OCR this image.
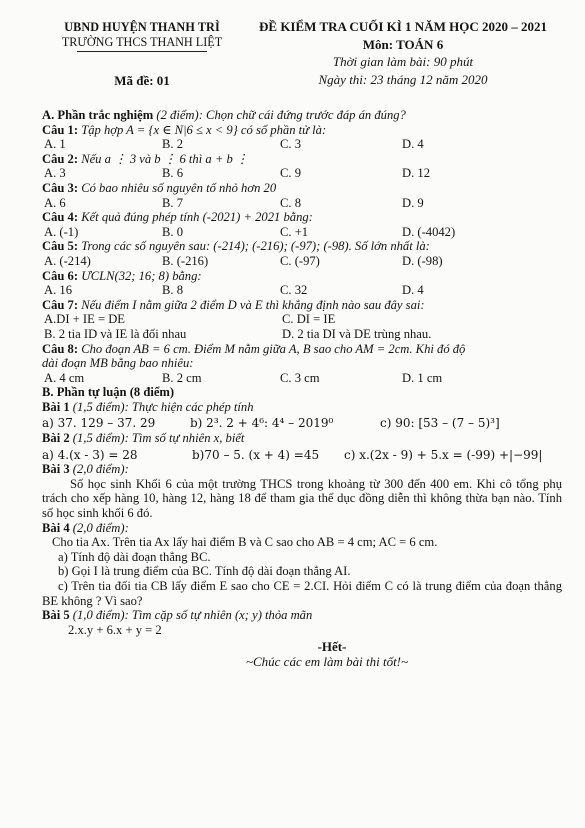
UBND HUYỆN THANH TRÌ
TRƯỜNG THCS THANH LIỆT
Mã đề: 01
ĐỀ KIỂM TRA CUỐI KÌ 1 NĂM HỌC 2020 – 2021
Môn: TOÁN 6
Thời gian làm bài: 90 phút
Ngày thi: 23 tháng 12 năm 2020
A. Phần trắc nghiệm (2 điểm): Chọn chữ cái đứng trước đáp án đúng?
Câu 1: Tập hợp A = {x ∈ N|6 ≤ x < 9} có số phần tử là:
A. 1	B. 2	C. 3	D. 4
Câu 2: Nếu a ⋮ 3 và b ⋮ 6 thì a + b ⋮
A. 3	B. 6	C. 9	D. 12
Câu 3: Có bao nhiêu số nguyên tố nhỏ hơn 20
A. 6	B. 7	C. 8	D. 9
Câu 4: Kết quả đúng phép tính (-2021) + 2021 bằng:
A. (-1)	B. 0	C. +1	D. (-4042)
Câu 5: Trong các số nguyên sau: (-214); (-216); (-97); (-98). Số lớn nhất là:
A. (-214)	B. (-216)	C. (-97)	D. (-98)
Câu 6: ƯCLN(32; 16; 8) bằng:
A. 16	B. 8	C. 32	D. 4
Câu 7: Nếu điểm I nằm giữa 2 điểm D và E thì khẳng định nào sau đây sai:
A.DI + IE = DE	C. DI = IE
B. 2 tia ID và IE là đối nhau	D. 2 tia DI và DE trùng nhau.
Câu 8: Cho đoạn AB = 6 cm. Điểm M nằm giữa A, B sao cho AM = 2cm. Khi đó độ
dài đoạn MB bằng bao nhiêu:
A. 4 cm	B. 2 cm	C. 3 cm	D. 1 cm
B. Phần tự luận (8 điểm)
Bài 1 (1,5 điểm): Thực hiện các phép tính
a) 37. 129 – 37. 29	b) 2³. 2 + 4⁶: 4⁴ – 2019⁰	c) 90: [53 – (7 – 5)³]
Bài 2 (1,5 điểm): Tìm số tự nhiên x, biết
a) 4.(x - 3) = 28	b)70 – 5. (x + 4) =45	c) x.(2x - 9) + 5.x = (-99) +|−99|
Bài 3 (2,0 điểm):
Số học sinh Khối 6 của một trường THCS trong khoảng từ 300 đến 400 em. Khi cô tổng phụ trách cho xếp hàng 10, hàng 12, hàng 18 để tham gia thể dục đồng diễn thì không thừa bạn nào. Tính số học sinh khối 6 đó.
Bài 4 (2,0 điểm):
Cho tia Ax. Trên tia Ax lấy hai điểm B và C sao cho AB = 4 cm; AC = 6 cm.
a) Tính độ dài đoạn thẳng BC.
b) Gọi I là trung điểm của BC. Tính độ dài đoạn thẳng AI.
c) Trên tia đối tia CB lấy điểm E sao cho CE = 2.CI. Hỏi điểm C có là trung điểm của đoạn thẳng BE không ? Vì sao?
Bài 5 (1,0 điểm): Tìm cặp số tự nhiên (x; y) thỏa mãn
2.x.y + 6.x + y = 2
-Hết-
~Chúc các em làm bài thi tốt!~
